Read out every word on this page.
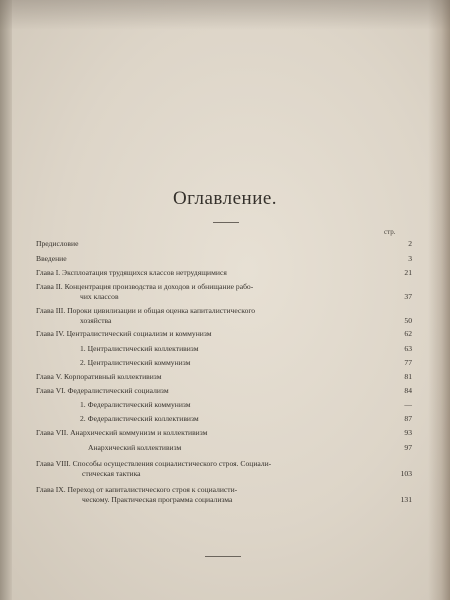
Оглавление.
стр.
Предисловие	2
Введение	3
Глава I. Эксплоатация трудящихся классов нетрудящимися	21
Глава II. Концентрация производства и доходов и обнищание рабо-
чих классов	37
Глава III. Пороки цивилизации и общая оценка капиталистического
хозяйства	50
Глава IV. Централистический социализм и коммунизм	62
1. Централистический коллективизм	63
2. Централистический коммунизм	77
Глава V. Корпоративный коллективизм	81
Глава VI. Федералистический социализм	84
1. Федералистический коммунизм	—
2. Федералистический коллективизм	87
Глава VII. Анархический коммунизм и коллективизм	93
Анархический коллективизм	97
Глава VIII. Способы осуществления социалистического строя. Социали-
стическая тактика	103
Глава IX. Переход от капиталистического строя к социалисти-
ческому. Практическая программа социализма	131
